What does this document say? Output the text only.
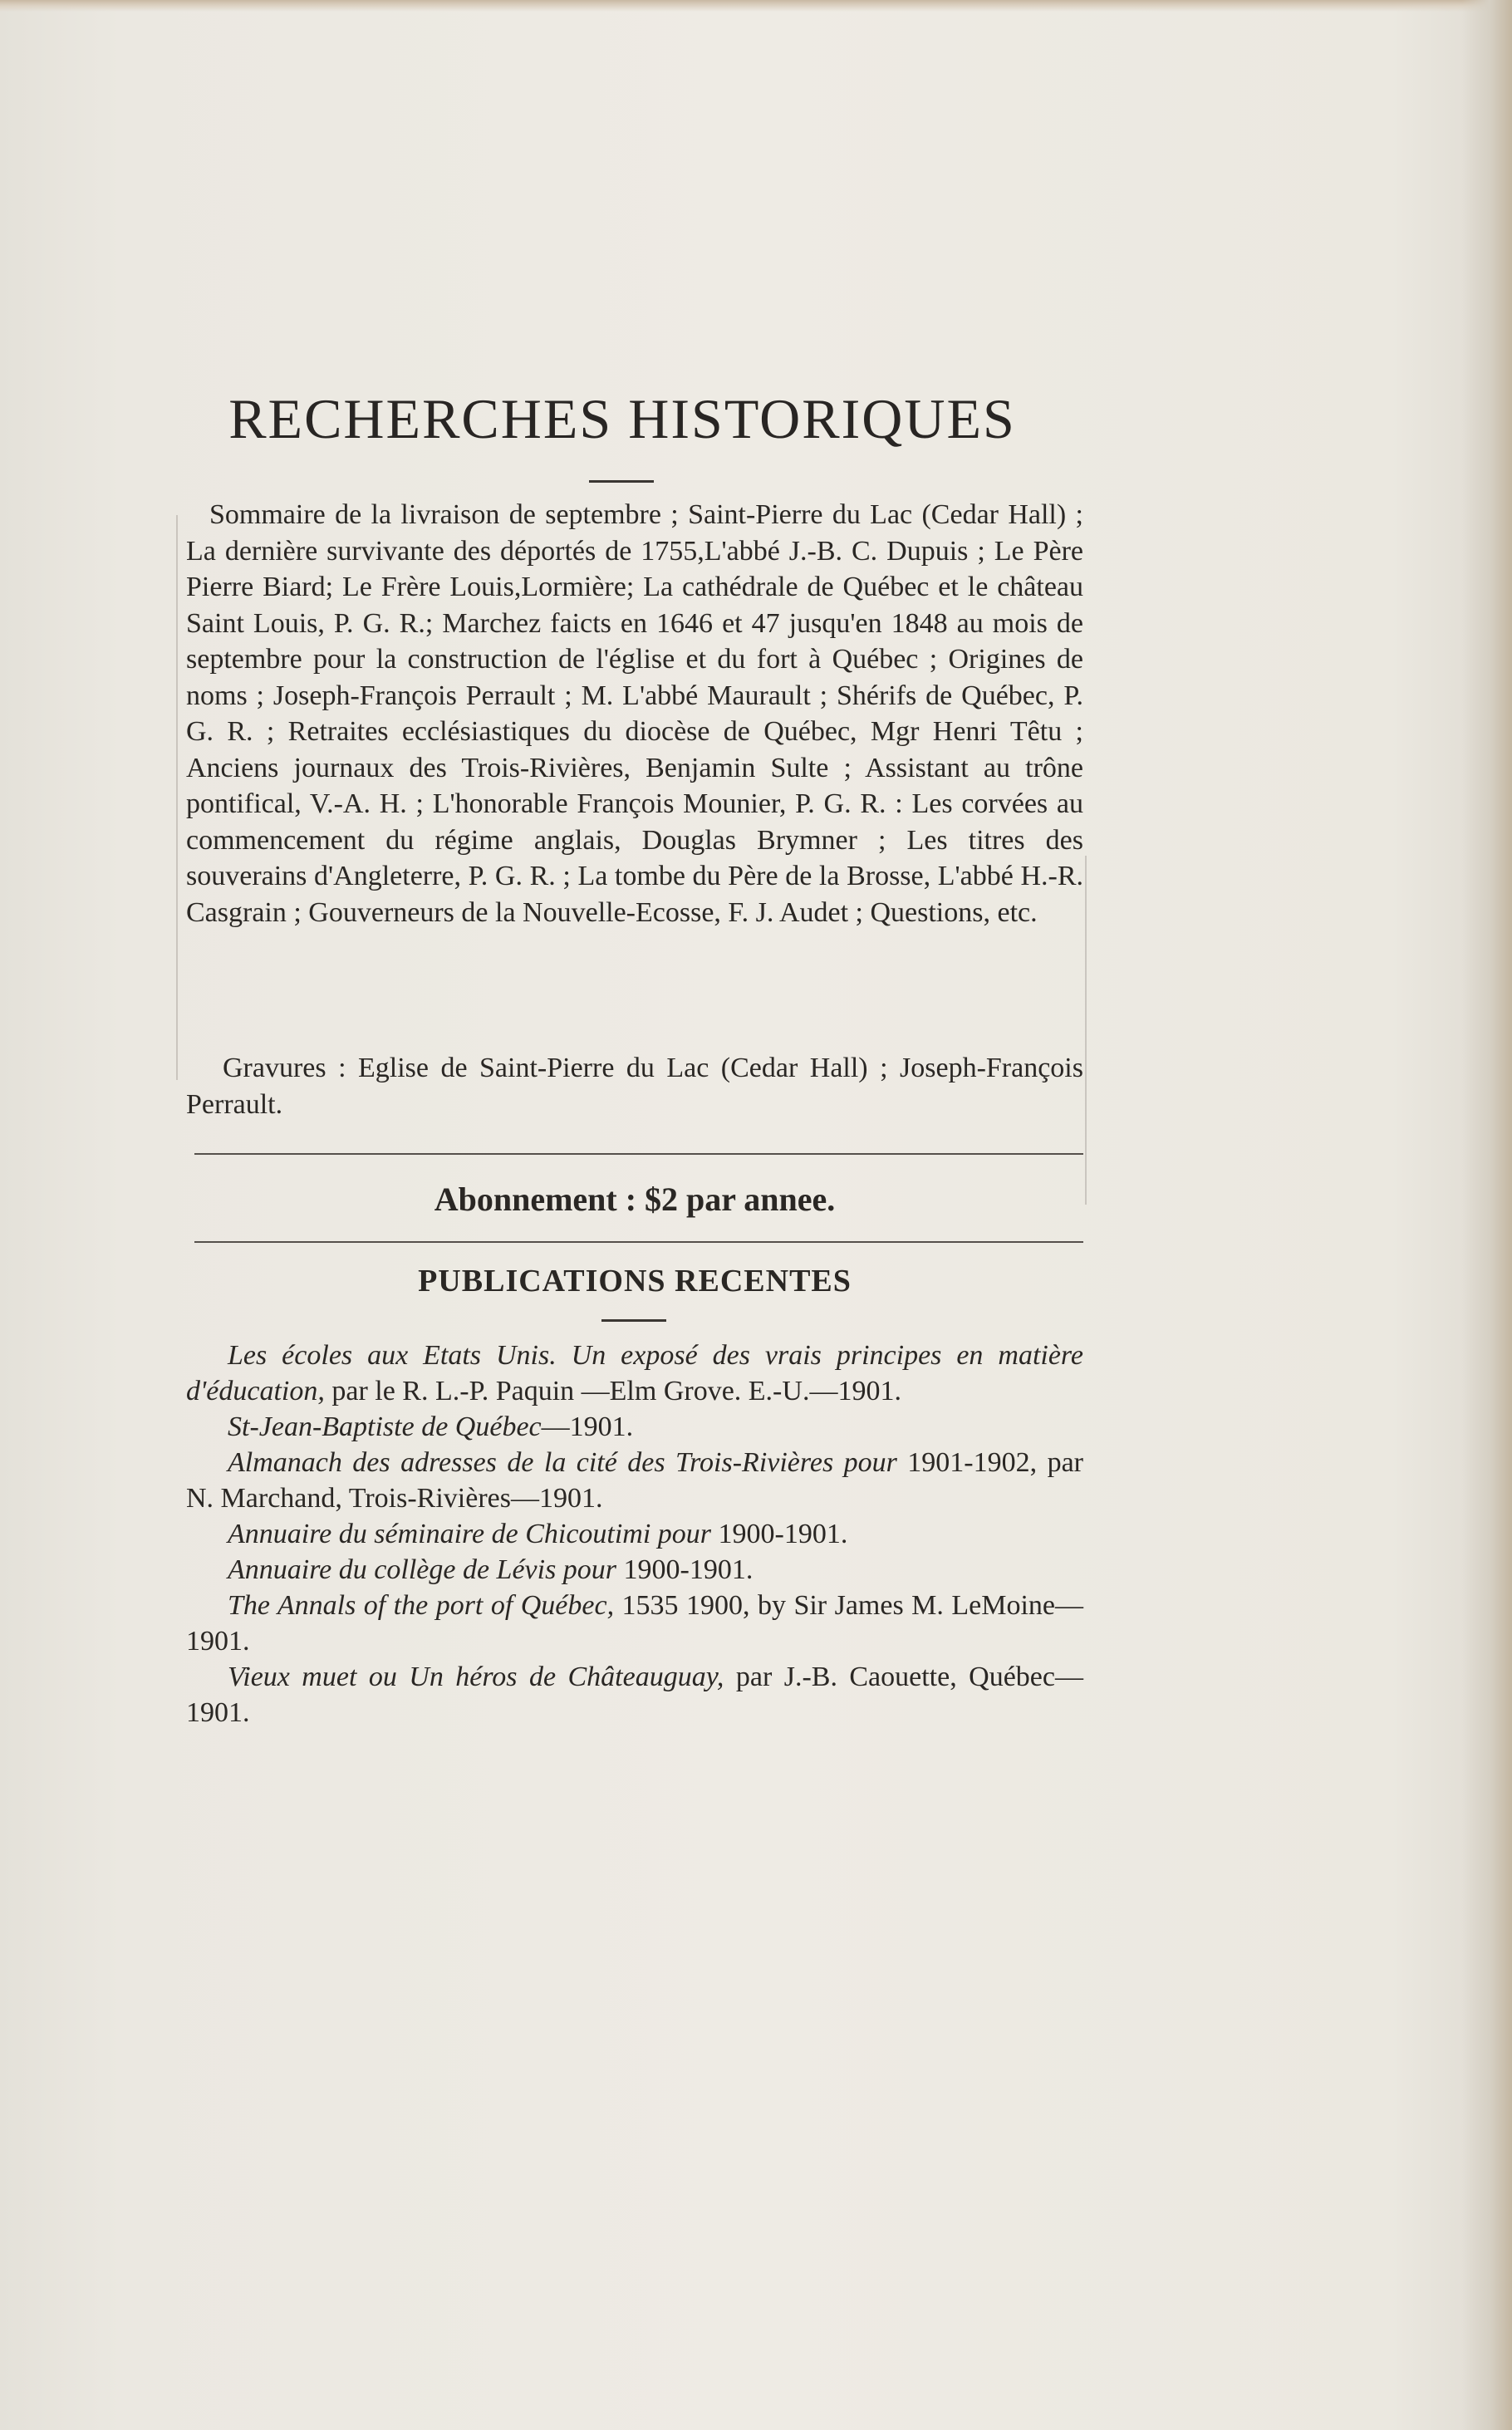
RECHERCHES HISTORIQUES

Sommaire de la livraison de septembre ; Saint-Pierre du Lac (Cedar Hall) ; La dernière survivante des déportés de 1755,L'abbé J.-B. C. Dupuis ; Le Père Pierre Biard; Le Frère Louis,Lormière; La cathédrale de Québec et le château Saint Louis, P. G. R.; Marchez faicts en 1646 et 47 jusqu'en 1848 au mois de septembre pour la construction de l'église et du fort à Québec ; Origines de noms ; Joseph-François Perrault ; M. L'abbé Maurault ; Shérifs de Québec, P. G. R. ; Retraites ecclésiastiques du diocèse de Québec, Mgr Henri Têtu ; Anciens journaux des Trois-Rivières, Benjamin Sulte ; Assistant au trône pontifical, V.-A. H. ; L'honorable François Mounier, P. G. R. : Les corvées au commencement du régime anglais, Douglas Brymner ; Les titres des souverains d'Angleterre, P. G. R. ; La tombe du Père de la Brosse, L'abbé H.-R. Casgrain ; Gouverneurs de la Nouvelle-Ecosse, F. J. Audet ; Questions, etc.

Gravures : Eglise de Saint-Pierre du Lac (Cedar Hall) ; Joseph-François Perrault.

Abonnement : $2 par annee.
PUBLICATIONS RECENTES
Les écoles aux Etats Unis. Un exposé des vrais principes en matière d'éducation, par le R. L.-P. Paquin —Elm Grove. E.-U.—1901.
St-Jean-Baptiste de Québec—1901.
Almanach des adresses de la cité des Trois-Rivières pour 1901-1902, par N. Marchand, Trois-Rivières—1901.
Annuaire du séminaire de Chicoutimi pour 1900-1901.
Annuaire du collège de Lévis pour 1900-1901.
The Annals of the port of Québec, 1535 1900, by Sir James M. LeMoine—1901.
Vieux muet ou Un héros de Châteauguay, par J.-B. Caouette, Québec—1901.
